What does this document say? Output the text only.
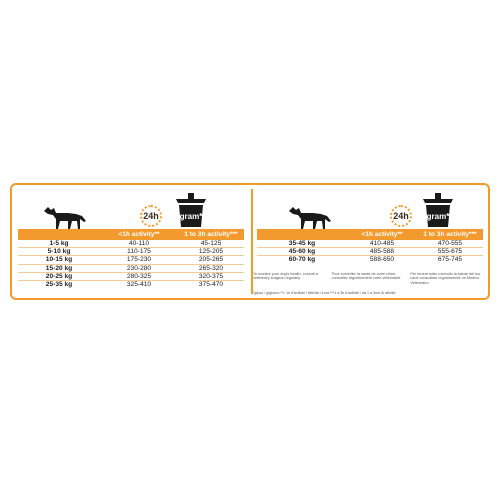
24h	gram*
	<1h activity**	1 to 3h activity***
1-5 kg	40-110	45-125
5-10 kg	110-175	125-205
10-15 kg	175-230	205-265
15-20 kg	230-280	265-320
20-25 kg	280-325	320-375
25-35 kg	325-410	375-470
24h gram*
	<1h activity**	1 to 3h activity***
35-45 kg	410-485	470-555
45-60 kg	485-588	555-675
60-70 kg	588-650	675-745
To monitor your dog's health, consult a veterinary surgeon regularly.
Pour surveiller la santé de votre chien, consultez régulièrement votre vétérinaire.
Per tenere sotto controllo la salute del tuo cane consultare regolarmente un Medico Veterinario.
*g/jour / g/giorno **< 1h d'activité / Attività <1ora ***1 à 3h d'activité / da 1 a 3ore di attività
